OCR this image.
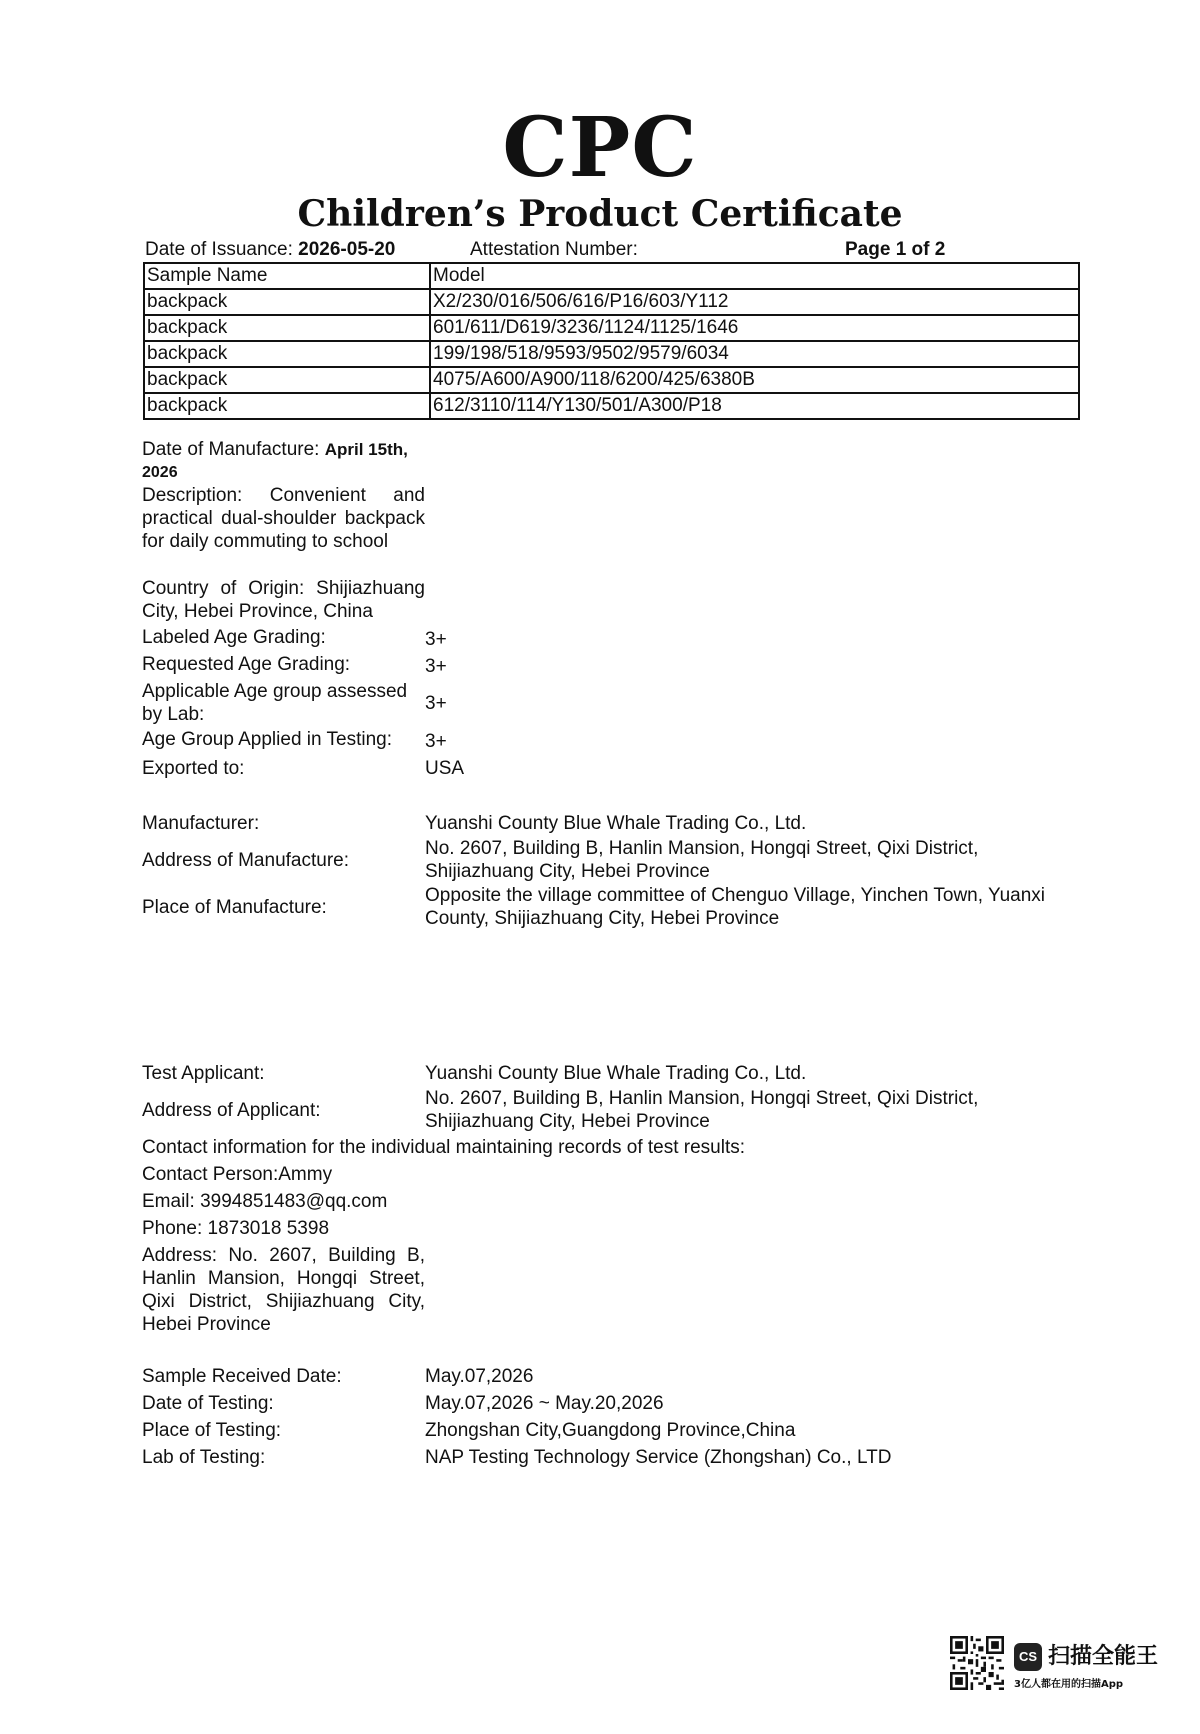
CPC
Children’s Product Certificate
Date of Issuance: 2026-05-20	Attestation Number:	Page 1 of 2
Sample Name	Model
backpack	X2/230/016/506/616/P16/603/Y112
backpack	601/611/D619/3236/1124/1125/1646
backpack	199/198/518/9593/9502/9579/6034
backpack	4075/A600/A900/118/6200/425/6380B
backpack	612/3110/114/Y130/501/A300/P18
Date of Manufacture: April 15th,
2026
Description: Convenient and practical dual-shoulder backpack for daily commuting to school
Country of Origin: Shijiazhuang City, Hebei Province, China
Labeled Age Grading:	3+
Requested Age Grading:	3+
Applicable Age group assessed by Lab:
3+
Age Group Applied in Testing: 3+
Exported to:	USA
Manufacturer:	Yuanshi County Blue Whale Trading Co., Ltd.
Address of Manufacture:
No. 2607, Building B, Hanlin Mansion, Hongqi Street, Qixi District,
Shijiazhuang City, Hebei Province
Place of Manufacture:
Opposite the village committee of Chenguo Village, Yinchen Town, Yuanxi
County, Shijiazhuang City, Hebei Province
Test Applicant:	Yuanshi County Blue Whale Trading Co., Ltd.
Address of Applicant:
No. 2607, Building B, Hanlin Mansion, Hongqi Street, Qixi District,
Shijiazhuang City, Hebei Province
Contact information for the individual maintaining records of test results:
Contact Person:Ammy
Email: 3994851483@qq.com
Phone: 1873018 5398
Address: No. 2607, Building B, Hanlin Mansion, Hongqi Street, Qixi District, Shijiazhuang City, Hebei Province
Sample Received Date:	May.07,2026
Date of Testing:	May.07,2026 ~ May.20,2026
Place of Testing:	Zhongshan City,Guangdong Province,China
Lab of Testing:	NAP Testing Technology Service (Zhongshan) Co., LTD
CS 扫描全能王
3亿人都在用的扫描App
